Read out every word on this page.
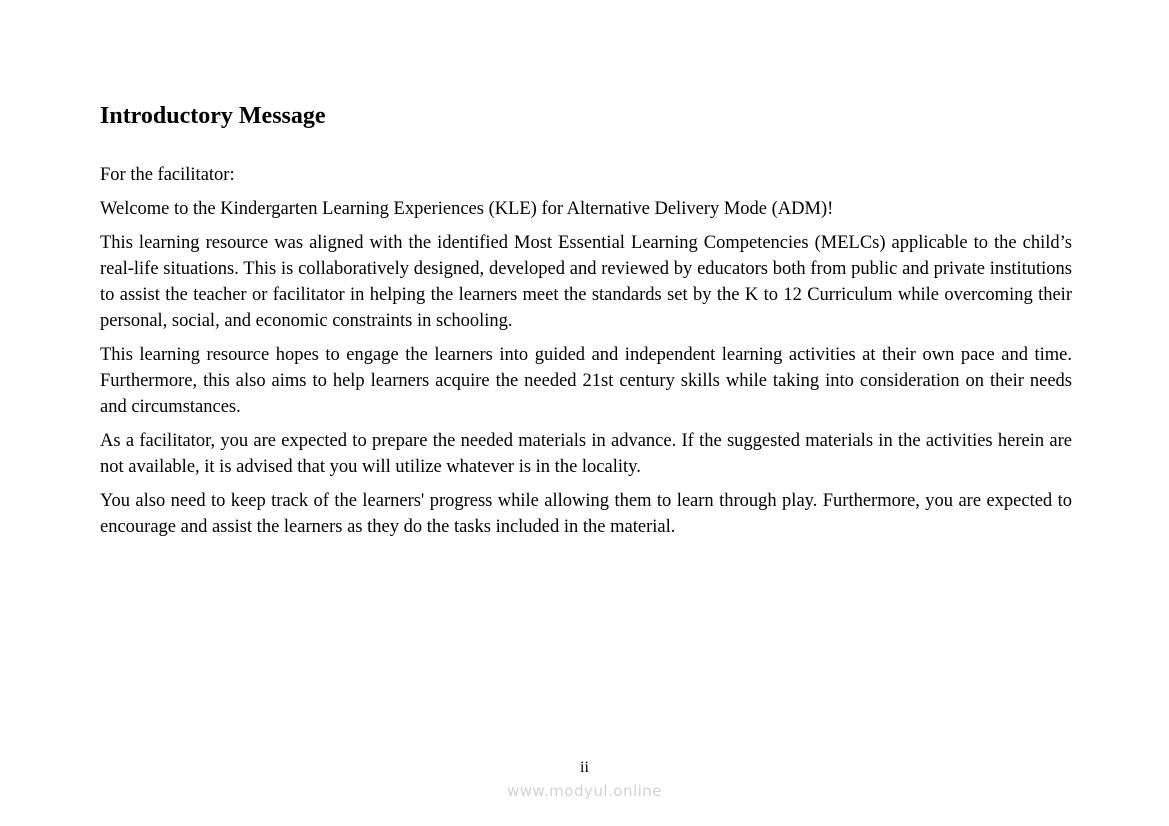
Introductory Message

For the facilitator:

Welcome to the Kindergarten Learning Experiences (KLE) for Alternative Delivery Mode (ADM)!

This learning resource was aligned with the identified Most Essential Learning Competencies (MELCs) applicable to the child’s real-life situations. This is collaboratively designed, developed and reviewed by educators both from public and private institutions to assist the teacher or facilitator in helping the learners meet the standards set by the K to 12 Curriculum while overcoming their personal, social, and economic constraints in schooling.

This learning resource hopes to engage the learners into guided and independent learning activities at their own pace and time. Furthermore, this also aims to help learners acquire the needed 21st century skills while taking into consideration on their needs and circumstances.

As a facilitator, you are expected to prepare the needed materials in advance. If the suggested materials in the activities herein are not available, it is advised that you will utilize whatever is in the locality.

You also need to keep track of the learners' progress while allowing them to learn through play. Furthermore, you are expected to encourage and assist the learners as they do the tasks included in the material.

ii
www.modyul.online
